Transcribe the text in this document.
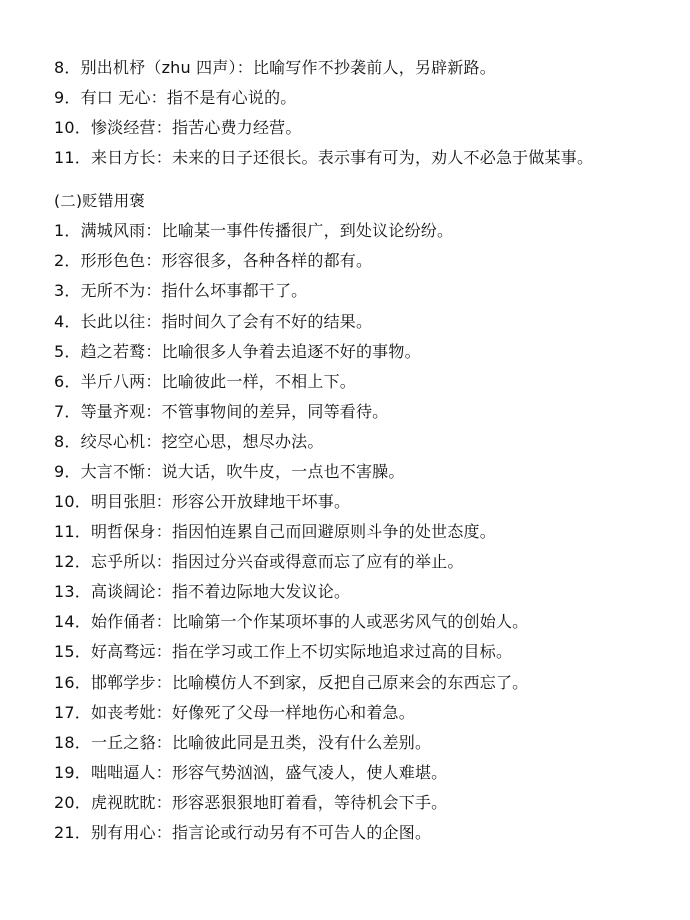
8．别出机杼（zhu 四声）：比喻写作不抄袭前人，另辟新路。
9．有口 无心：指不是有心说的。
10．惨淡经营：指苦心费力经营。
11．来日方长：未来的日子还很长。表示事有可为，劝人不必急于做某事。
(二)贬错用褒
1．满城风雨：比喻某一事件传播很广，到处议论纷纷。
2．形形色色：形容很多，各种各样的都有。
3．无所不为：指什么坏事都干了。
4．长此以往：指时间久了会有不好的结果。
5．趋之若鹜：比喻很多人争着去追逐不好的事物。
6．半斤八两：比喻彼此一样，不相上下。
7．等量齐观：不管事物间的差异，同等看待。
8．绞尽心机：挖空心思，想尽办法。
9．大言不惭：说大话，吹牛皮，一点也不害臊。
10．明目张胆：形容公开放肆地干坏事。
11．明哲保身：指因怕连累自己而回避原则斗争的处世态度。
12．忘乎所以：指因过分兴奋或得意而忘了应有的举止。
13．高谈阔论：指不着边际地大发议论。
14．始作俑者：比喻第一个作某项坏事的人或恶劣风气的创始人。
15．好高骛远：指在学习或工作上不切实际地追求过高的目标。
16．邯郸学步：比喻模仿人不到家，反把自己原来会的东西忘了。
17．如丧考妣：好像死了父母一样地伤心和着急。
18．一丘之貉：比喻彼此同是丑类，没有什么差别。
19．咄咄逼人：形容气势汹汹，盛气凌人，使人难堪。
20．虎视眈眈：形容恶狠狠地盯着看，等待机会下手。
21．别有用心：指言论或行动另有不可告人的企图。
